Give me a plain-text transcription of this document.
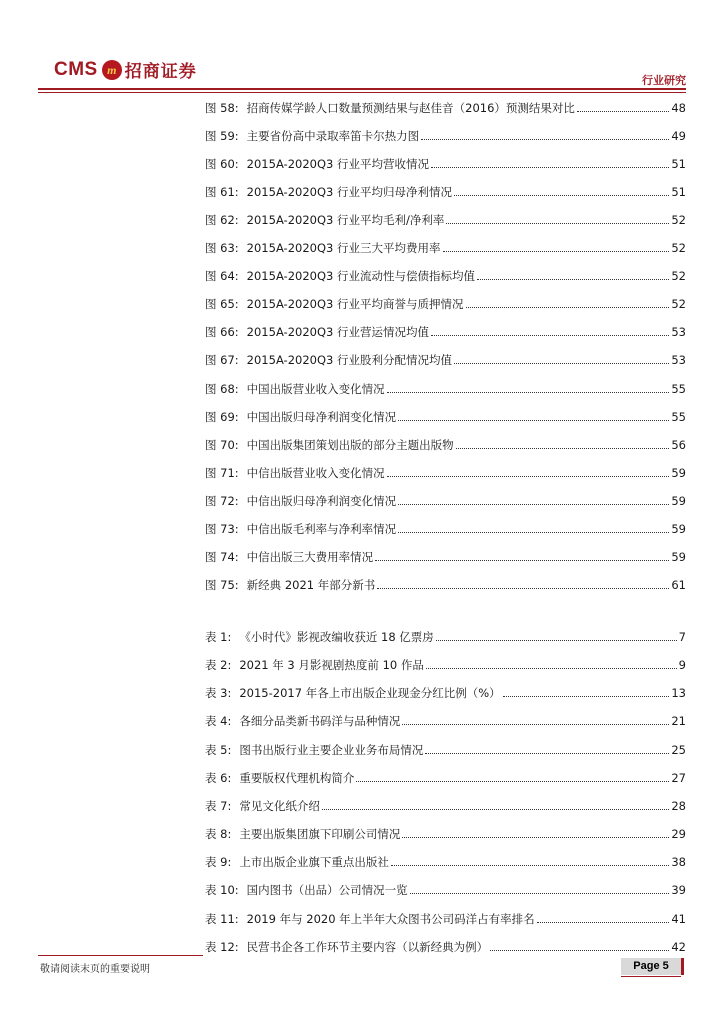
CMS m 招商证券	行业研究
图 58: 招商传媒学龄人口数量预测结果与赵佳音（2016）预测结果对比	48
图 59: 主要省份高中录取率笛卡尔热力图	49
图 60: 2015A-2020Q3 行业平均营收情况	51
图 61: 2015A-2020Q3 行业平均归母净利情况	51
图 62: 2015A-2020Q3 行业平均毛利/净利率	52
图 63: 2015A-2020Q3 行业三大平均费用率	52
图 64: 2015A-2020Q3 行业流动性与偿债指标均值	52
图 65: 2015A-2020Q3 行业平均商誉与质押情况	52
图 66: 2015A-2020Q3 行业营运情况均值	53
图 67: 2015A-2020Q3 行业股利分配情况均值	53
图 68: 中国出版营业收入变化情况	55
图 69: 中国出版归母净利润变化情况	55
图 70: 中国出版集团策划出版的部分主题出版物	56
图 71: 中信出版营业收入变化情况	59
图 72: 中信出版归母净利润变化情况	59
图 73: 中信出版毛利率与净利率情况	59
图 74: 中信出版三大费用率情况	59
图 75: 新经典 2021 年部分新书	61
表 1: 《小时代》影视改编收获近 18 亿票房	7
表 2: 2021 年 3 月影视剧热度前 10 作品	9
表 3: 2015-2017 年各上市出版企业现金分红比例（%）	13
表 4: 各细分品类新书码洋与品种情况	21
表 5: 图书出版行业主要企业业务布局情况	25
表 6: 重要版权代理机构简介	27
表 7: 常见文化纸介绍	28
表 8: 主要出版集团旗下印刷公司情况	29
表 9: 上市出版企业旗下重点出版社	38
表 10: 国内图书（出品）公司情况一览	39
表 11: 2019 年与 2020 年上半年大众图书公司码洋占有率排名	41
表 12: 民营书企各工作环节主要内容（以新经典为例）	42
敬请阅读末页的重要说明	Page 5
